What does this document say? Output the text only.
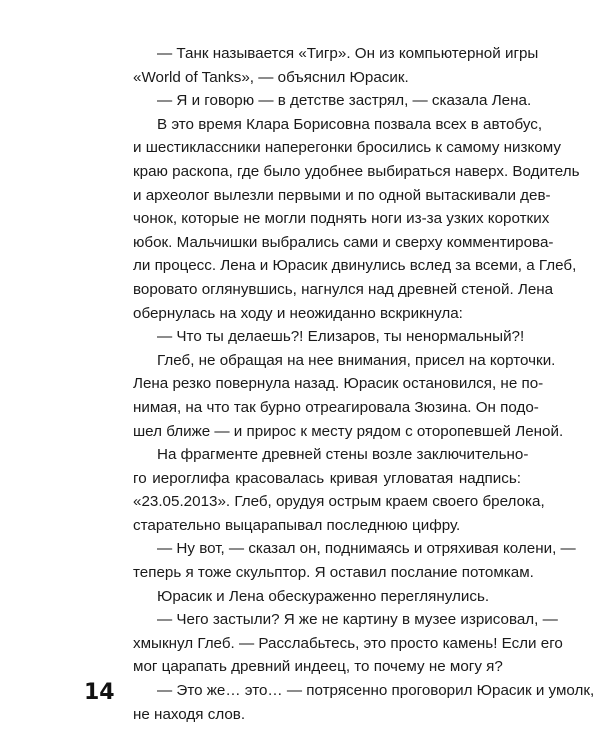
— Танк называется «Тигр». Он из компьютерной игры
«World of Tanks», — объяснил Юрасик.
— Я и говорю — в детстве застрял, — сказала Лена.
В это время Клара Борисовна позвала всех в автобус,
и шестиклассники наперегонки бросились к самому низкому
краю раскопа, где было удобнее выбираться наверх. Водитель
и археолог вылезли первыми и по одной вытаскивали дев-
чонок, которые не могли поднять ноги из-за узких коротких
юбок. Мальчишки выбрались сами и сверху комментирова-
ли процесс. Лена и Юрасик двинулись вслед за всеми, а Глеб,
воровато оглянувшись, нагнулся над древней стеной. Лена
обернулась на ходу и неожиданно вскрикнула:
— Что ты делаешь?! Елизаров, ты ненормальный?!
Глеб, не обращая на нее внимания, присел на корточки.
Лена резко повернула назад. Юрасик остановился, не по-
нимая, на что так бурно отреагировала Зюзина. Он подо-
шел ближе — и прирос к месту рядом с оторопевшей Леной.
На фрагменте древней стены возле заключительно-
го иероглифа красовалась кривая угловатая надпись:
«23.05.2013». Глеб, орудуя острым краем своего брелока,
старательно выцарапывал последнюю цифру.
— Ну вот, — сказал он, поднимаясь и отряхивая колени, —
теперь я тоже скульптор. Я оставил послание потомкам.
Юрасик и Лена обескураженно переглянулись.
— Чего застыли? Я же не картину в музее изрисовал, —
хмыкнул Глеб. — Расслабьтесь, это просто камень! Если его
мог царапать древний индеец, то почему не могу я?
— Это же… это… — потрясенно проговорил Юрасик и умолк,
не находя слов.
14
